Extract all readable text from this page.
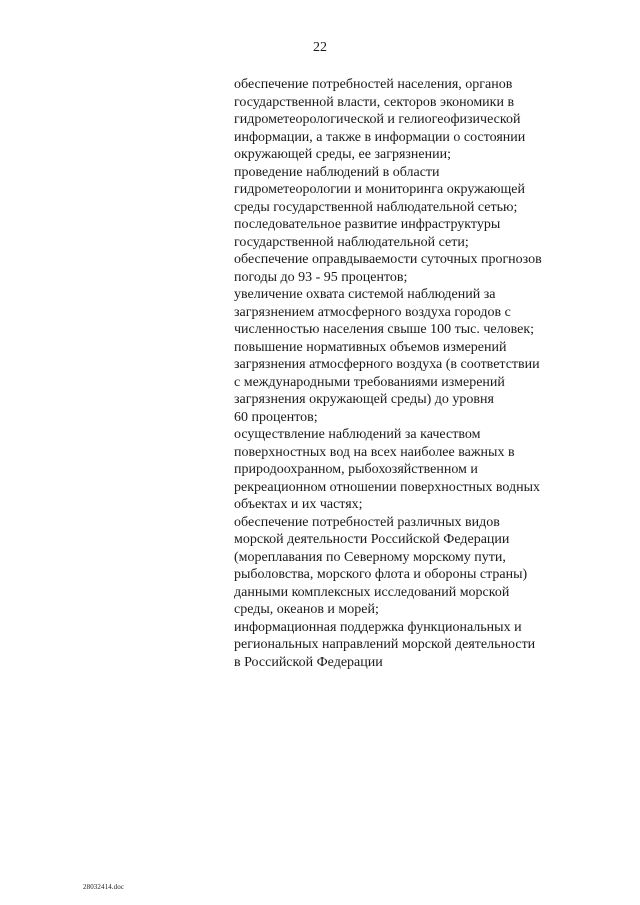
22
обеспечение потребностей населения, органов
государственной власти, секторов экономики в
гидрометеорологической и гелиогеофизической
информации, а также в информации о состоянии
окружающей среды, ее загрязнении;
проведение наблюдений в области
гидрометеорологии и мониторинга окружающей
среды государственной наблюдательной сетью;
последовательное развитие инфраструктуры
государственной наблюдательной сети;
обеспечение оправдываемости суточных прогнозов
погоды до 93 - 95 процентов;
увеличение охвата системой наблюдений за
загрязнением атмосферного воздуха городов с
численностью населения свыше 100 тыс. человек;
повышение нормативных объемов измерений
загрязнения атмосферного воздуха (в соответствии
с международными требованиями измерений
загрязнения окружающей среды) до уровня
60 процентов;
осуществление наблюдений за качеством
поверхностных вод на всех наиболее важных в
природоохранном, рыбохозяйственном и
рекреационном отношении поверхностных водных
объектах и их частях;
обеспечение потребностей различных видов
морской деятельности Российской Федерации
(мореплавания по Северному морскому пути,
рыболовства, морского флота и обороны страны)
данными комплексных исследований морской
среды, океанов и морей;
информационная поддержка функциональных и
региональных направлений морской деятельности
в Российской Федерации
28032414.doc
